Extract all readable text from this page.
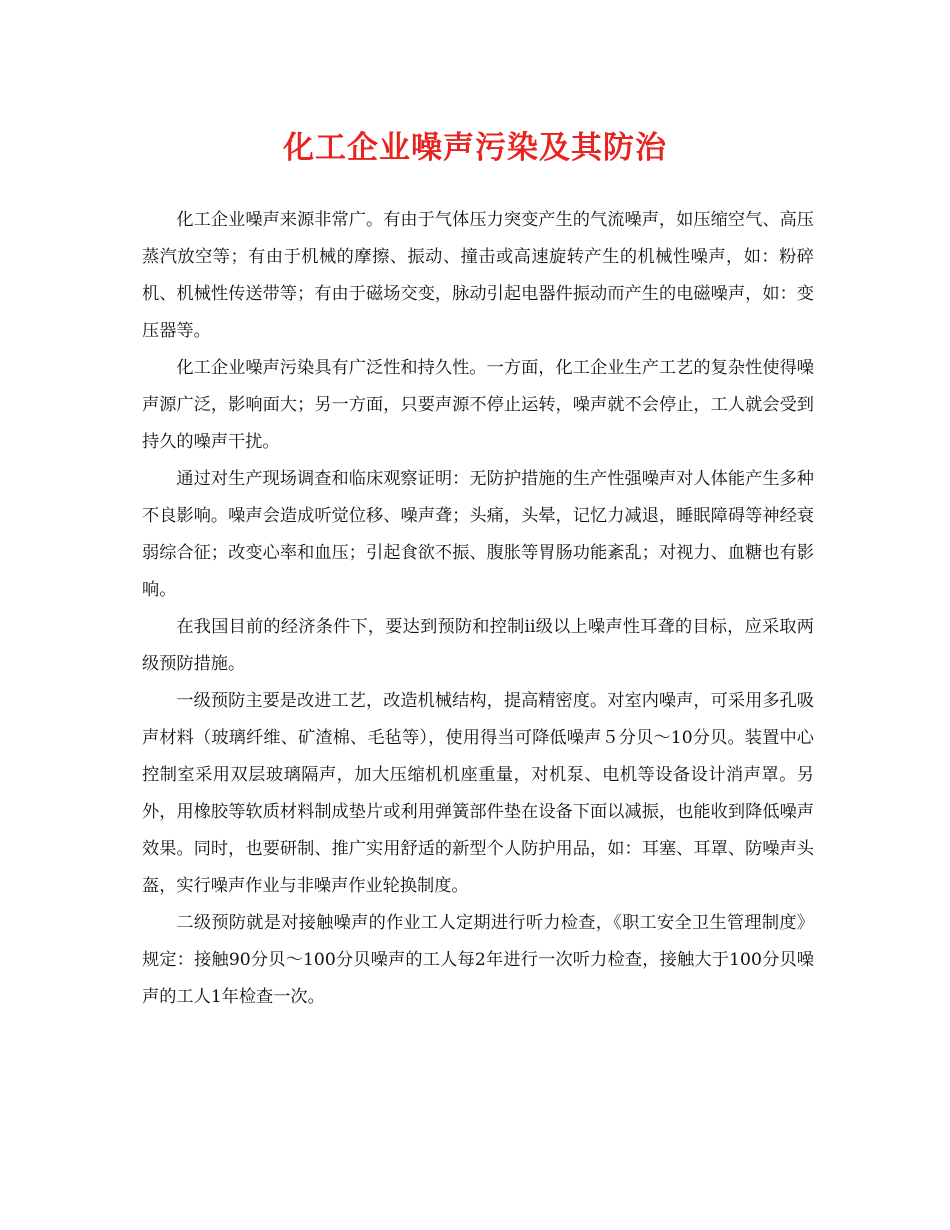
化工企业噪声污染及其防治

化工企业噪声来源非常广。有由于气体压力突变产生的气流噪声，如压缩空气、高压蒸汽放空等；有由于机械的摩擦、振动、撞击或高速旋转产生的机械性噪声，如：粉碎机、机械性传送带等；有由于磁场交变，脉动引起电器件振动而产生的电磁噪声，如：变压器等。

化工企业噪声污染具有广泛性和持久性。一方面，化工企业生产工艺的复杂性使得噪声源广泛，影响面大；另一方面，只要声源不停止运转，噪声就不会停止，工人就会受到持久的噪声干扰。

通过对生产现场调查和临床观察证明：无防护措施的生产性强噪声对人体能产生多种不良影响。噪声会造成听觉位移、噪声聋；头痛，头晕，记忆力减退，睡眠障碍等神经衰弱综合征；改变心率和血压；引起食欲不振、腹胀等胃肠功能紊乱；对视力、血糖也有影响。

在我国目前的经济条件下，要达到预防和控制ii级以上噪声性耳聋的目标，应采取两级预防措施。

一级预防主要是改进工艺，改造机械结构，提高精密度。对室内噪声，可采用多孔吸声材料（玻璃纤维、矿渣棉、毛毡等），使用得当可降低噪声５分贝～10分贝。装置中心控制室采用双层玻璃隔声，加大压缩机机座重量，对机泵、电机等设备设计消声罩。另外，用橡胶等软质材料制成垫片或利用弹簧部件垫在设备下面以减振，也能收到降低噪声效果。同时，也要研制、推广实用舒适的新型个人防护用品，如：耳塞、耳罩、防噪声头盔，实行噪声作业与非噪声作业轮换制度。

二级预防就是对接触噪声的作业工人定期进行听力检查，《职工安全卫生管理制度》规定：接触90分贝～100分贝噪声的工人每2年进行一次听力检查，接触大于100分贝噪声的工人1年检查一次。
